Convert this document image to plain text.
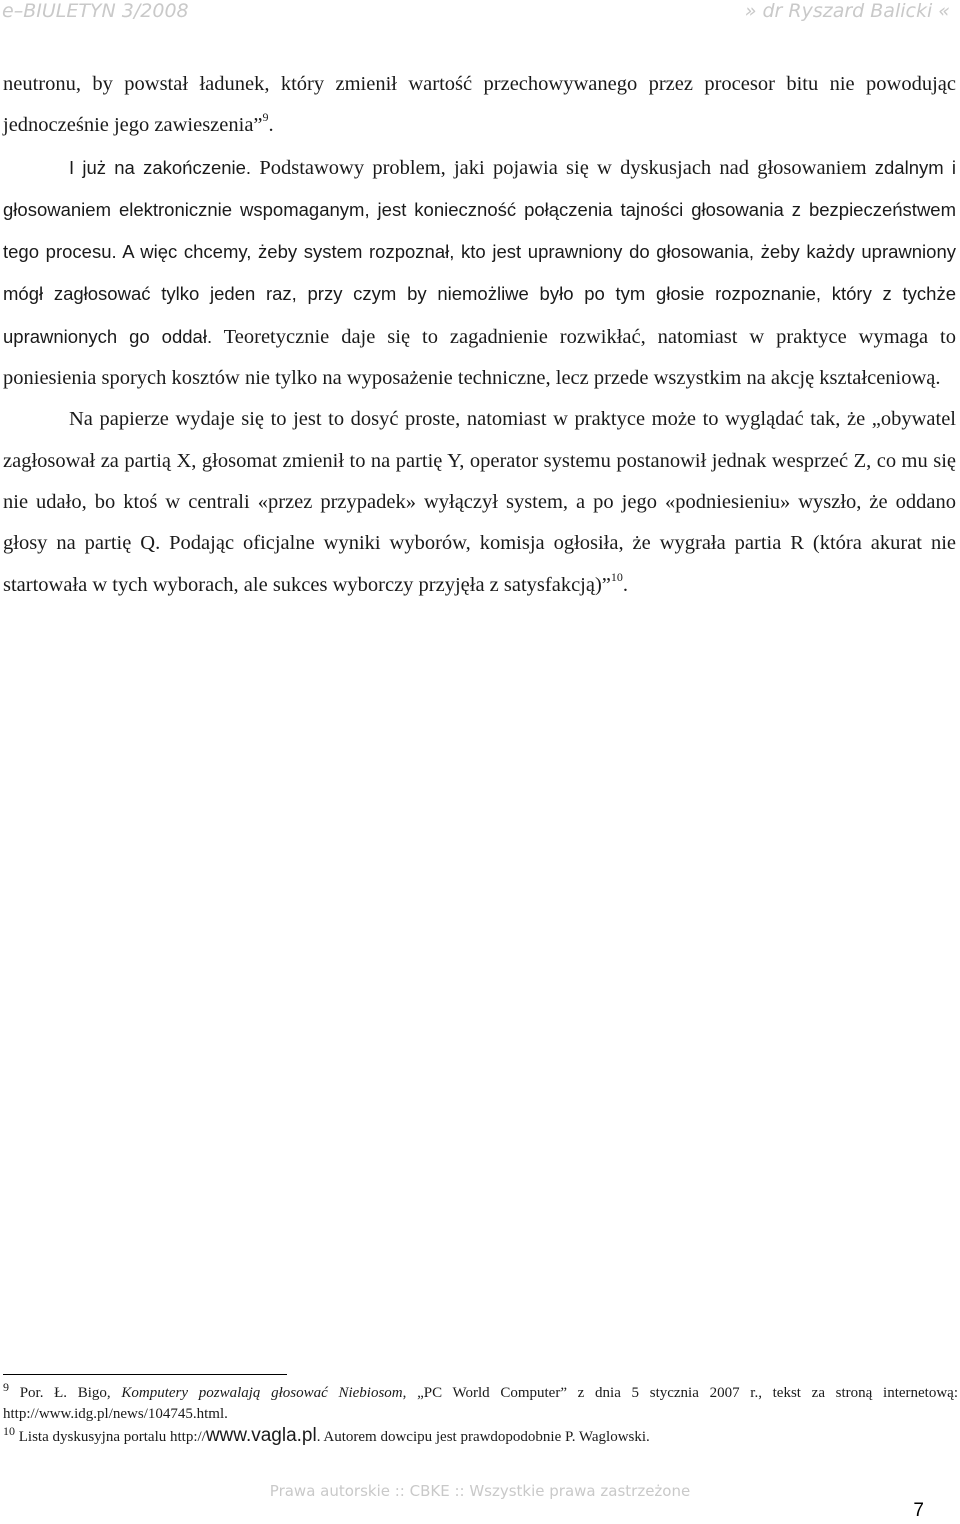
e–BIULETYN 3/2008	» dr Ryszard Balicki «

neutronu, by powstał ładunek, który zmienił wartość przechowywanego przez procesor bitu nie powodując jednocześnie jego zawieszenia”$^9$.

I już na zakończenie. Podstawowy problem, jaki pojawia się w dyskusjach nad głosowaniem zdalnym i głosowaniem elektronicznie wspomaganym, jest konieczność połączenia tajności głosowania z bezpieczeństwem tego procesu. A więc chcemy, żeby system rozpoznał, kto jest uprawniony do głosowania, żeby każdy uprawniony mógł zagłosować tylko jeden raz, przy czym by niemożliwe było po tym głosie rozpoznanie, który z tychże uprawnionych go oddał. Teoretycznie daje się to zagadnienie rozwikłać, natomiast w praktyce wymaga to poniesienia sporych kosztów nie tylko na wyposażenie techniczne, lecz przede wszystkim na akcję kształceniową.

Na papierze wydaje się to jest to dosyć proste, natomiast w praktyce może to wyglądać tak, że „obywatel zagłosował za partią X, głosomat zmienił to na partię Y, operator systemu postanowił jednak wesprzeć Z, co mu się nie udało, bo ktoś w centrali «przez przypadek» wyłączył system, a po jego «podniesieniu» wyszło, że oddano głosy na partię Q. Podając oficjalne wyniki wyborów, komisja ogłosiła, że wygrała partia R (która akurat nie startowała w tych wyborach, ale sukces wyborczy przyjęła z satysfakcją)”$^{10}$.

$^9$ Por. Ł. Bigo, Komputery pozwalają głosować Niebiosom, „PC World Computer” z dnia 5 stycznia 2007 r., tekst za stroną internetową: http://www.idg.pl/news/104745.html.

$^{10}$ Lista dyskusyjna portalu http://www.vagla.pl. Autorem dowcipu jest prawdopodobnie P. Waglowski.

Prawa autorskie :: CBKE :: Wszystkie prawa zastrzeżone
7
